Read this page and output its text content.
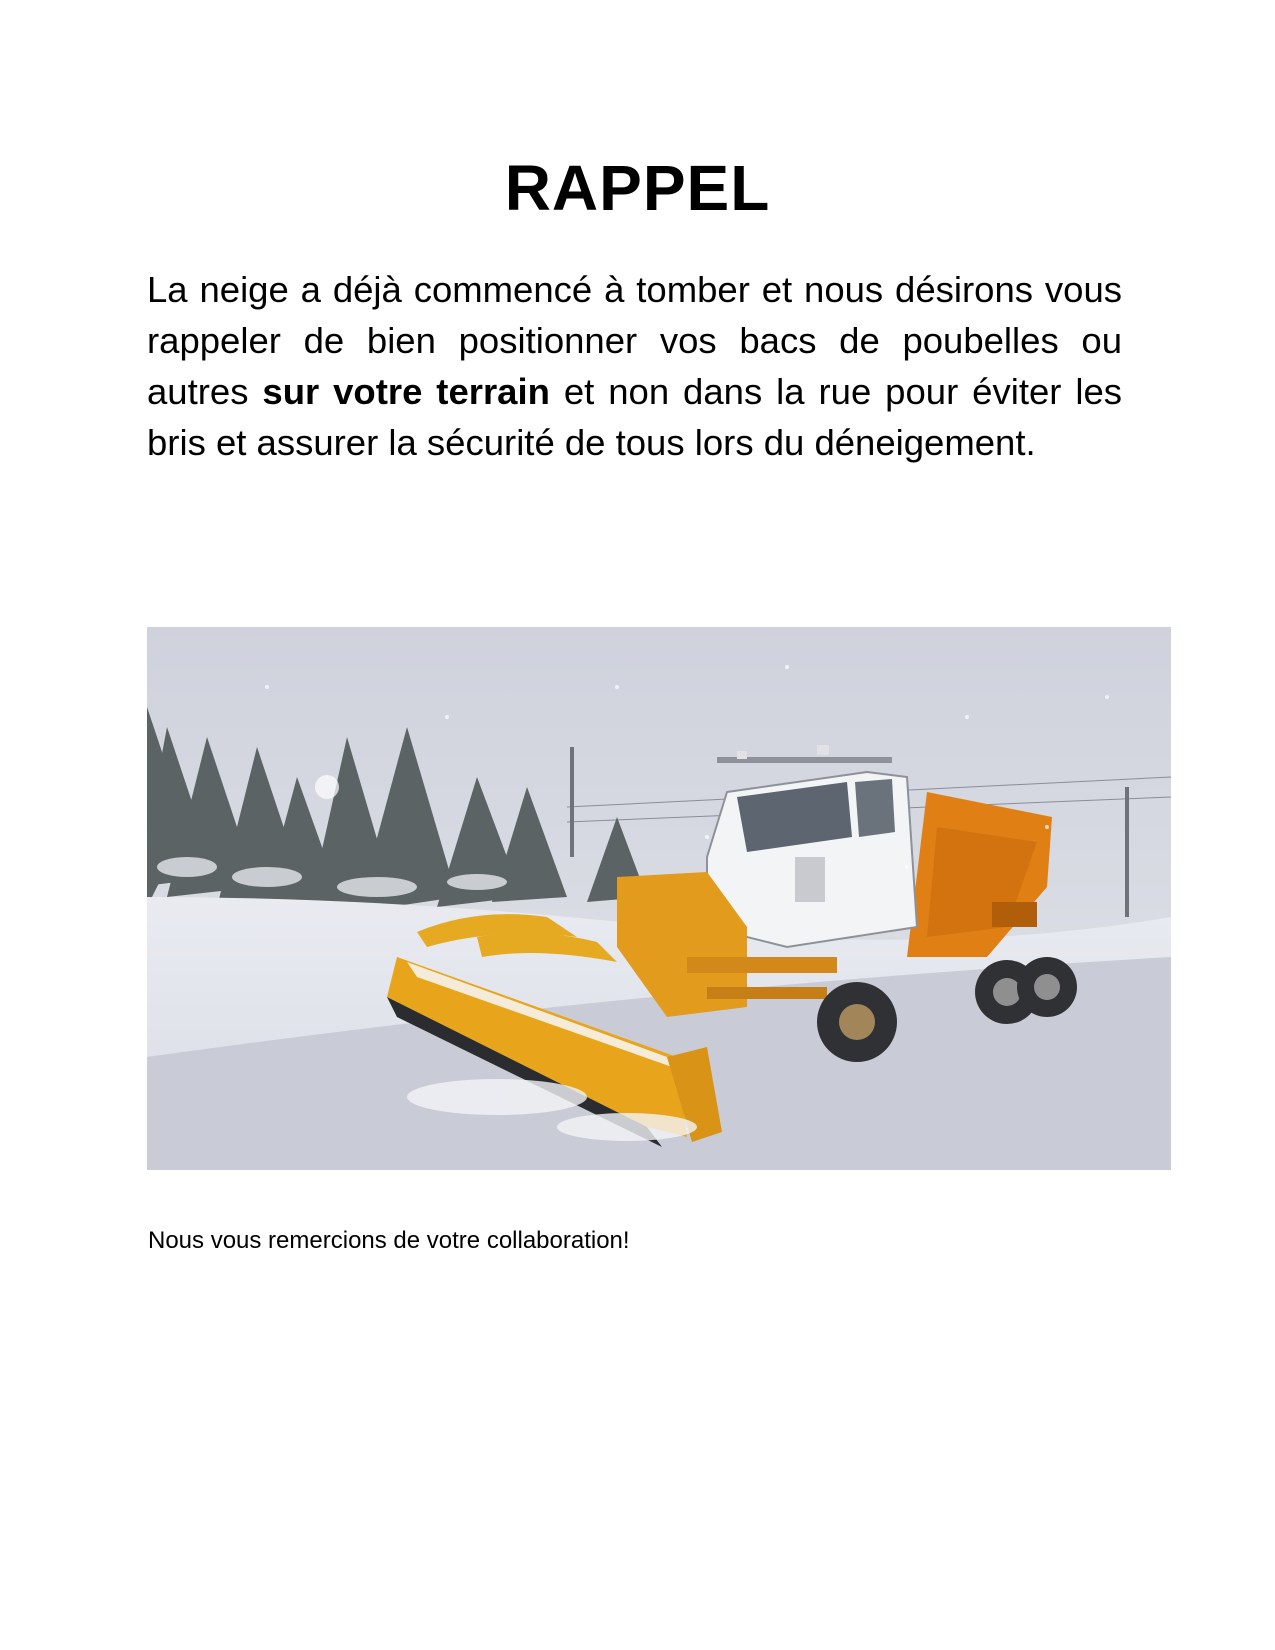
RAPPEL

La neige a déjà commencé à tomber et nous désirons vous rappeler de bien positionner vos bacs de poubelles ou autres sur votre terrain et non dans la rue pour éviter les bris et assurer la sécurité de tous lors du déneigement.

Nous vous remercions de votre collaboration!
